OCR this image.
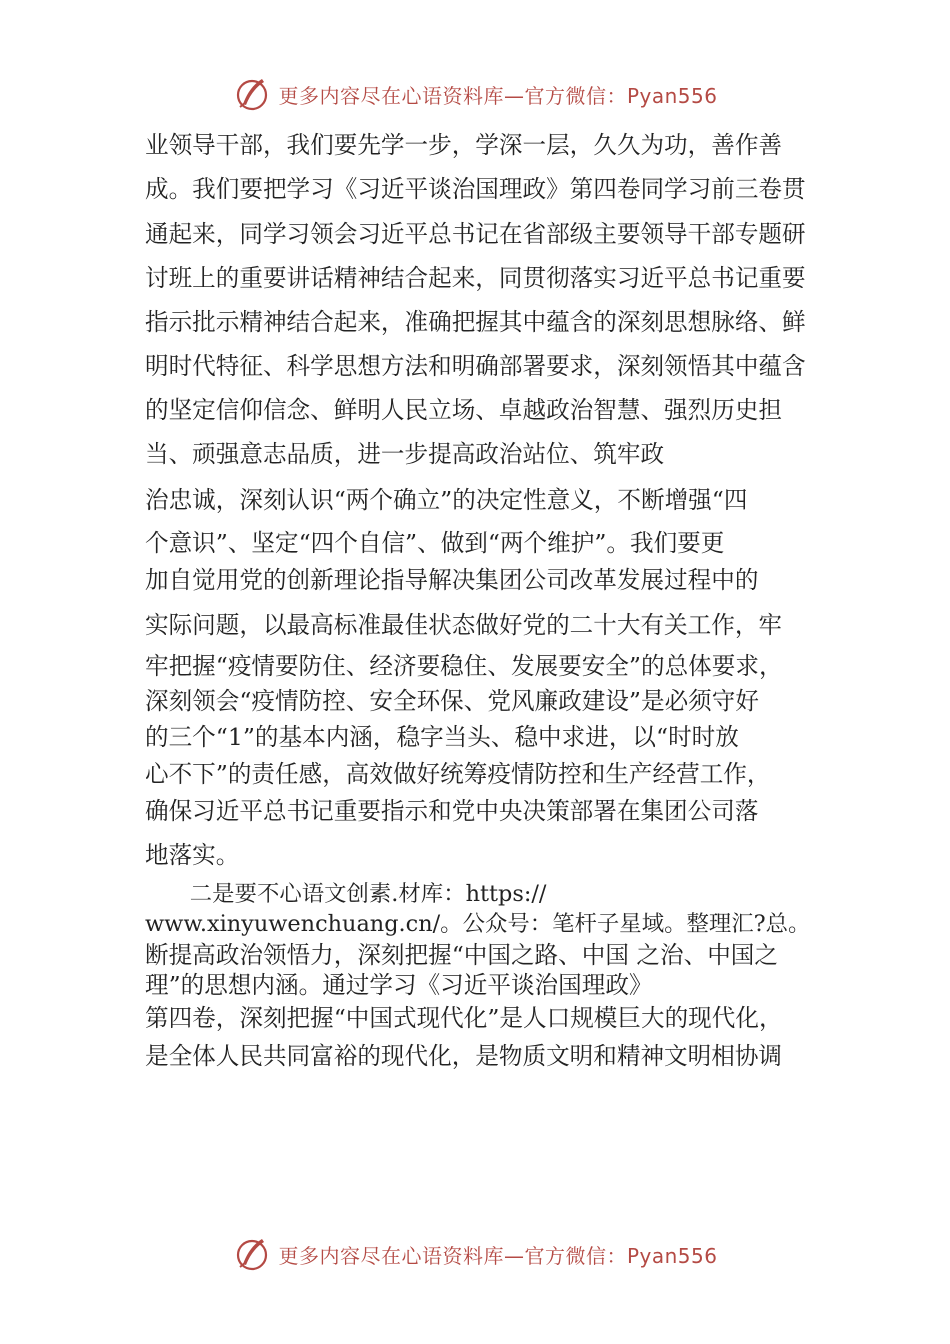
更多内容尽在心语资料库—官方微信：Pyan556
业领导干部，我们要先学一步，学深一层，久久为功，善作善
成。我们要把学习《习近平谈治国理政》第四卷同学习前三卷贯
通起来，同学习领会习近平总书记在省部级主要领导干部专题研
讨班上的重要讲话精神结合起来，同贯彻落实习近平总书记重要
指示批示精神结合起来，准确把握其中蕴含的深刻思想脉络、鲜
明时代特征、科学思想方法和明确部署要求，深刻领悟其中蕴含
的坚定信仰信念、鲜明人民立场、卓越政治智慧、强烈历史担
当、顽强意志品质，进一步提高政治站位、筑牢政
治忠诚，深刻认识“两个确立”的决定性意义，不断增强“四
个意识”、坚定“四个自信”、做到“两个维护”。我们要更
加自觉用党的创新理论指导解决集团公司改革发展过程中的
实际问题，以最高标准最佳状态做好党的二十大有关工作，牢
牢把握“疫情要防住、经济要稳住、发展要安全”的总体要求，
深刻领会“疫情防控、安全环保、党风廉政建设”是必须守好
的三个“1”的基本内涵，稳字当头、稳中求进，以“时时放
心不下”的责任感，高效做好统筹疫情防控和生产经营工作，
确保习近平总书记重要指示和党中央决策部署在集团公司落
地落实。
　　二是要不心语文创素.材库：https://
www.xinyuwenchuang.cn/。公众号：笔杆子星域。整理汇?总。
断提高政治领悟力，深刻把握“中国之路、中国 之治、中国之
理”的思想内涵。通过学习《习近平谈治国理政》
第四卷，深刻把握“中国式现代化”是人口规模巨大的现代化，
是全体人民共同富裕的现代化，是物质文明和精神文明相协调
更多内容尽在心语资料库—官方微信：Pyan556
